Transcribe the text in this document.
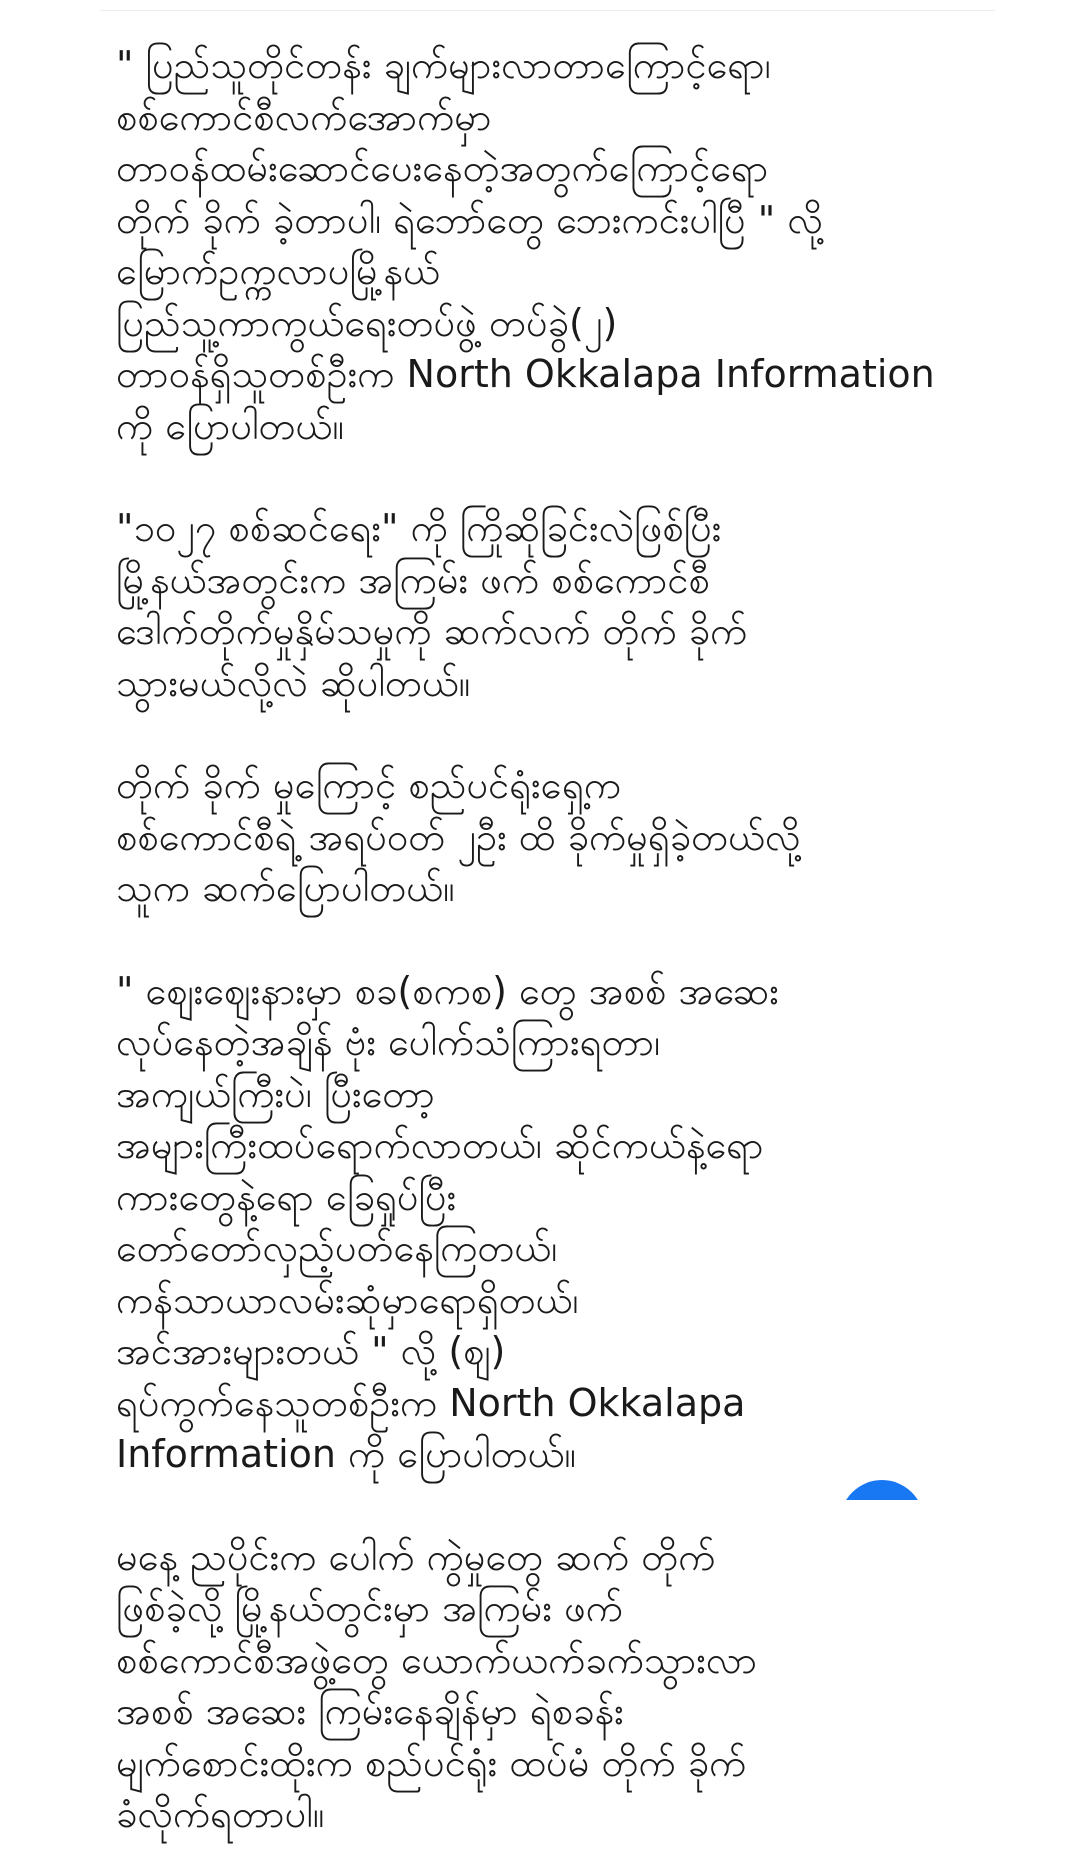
" ပြည်သူတိုင်တန်း ချက်များလာတာကြောင့်ရော၊
စစ်ကောင်စီလက်အောက်မှာ
တာဝန်ထမ်းဆောင်ပေးနေတဲ့အတွက်ကြောင့်ရော
တိုက် ခိုက် ခဲ့တာပါ၊ ရဲဘော်တွေ ဘေးကင်းပါပြီ " လို့
မြောက်ဥက္ကလာပမြို့နယ်
ပြည်သူ့ကာကွယ်ရေးတပ်ဖွဲ့ တပ်ခွဲ(၂)
တာဝန်ရှိသူတစ်ဦးက North Okkalapa Information
ကို ပြောပါတယ်။

"၁၀၂၇ စစ်ဆင်ရေး" ကို ကြိုဆိုခြင်းလဲဖြစ်ပြီး
မြို့နယ်အတွင်းက အကြမ်း ဖက် စစ်ကောင်စီ
ဒေါက်တိုက်မှုနှိမ်သမှုကို ဆက်လက် တိုက် ခိုက်
သွားမယ်လို့လဲ ဆိုပါတယ်။

တိုက် ခိုက် မှုကြောင့် စည်ပင်ရုံးရှေ့က
စစ်ကောင်စီရဲ့ အရပ်ဝတ် ၂ဦး ထိ ခိုက်မှုရှိခဲ့တယ်လို့
သူက ဆက်ပြောပါတယ်။

" စျေးဈေးနားမှာ စခ(စကစ) တွေ အစစ် အဆေး
လုပ်နေတဲ့အချိန် ဗုံး ပေါက်သံကြားရတာ၊
အကျယ်ကြီးပဲ၊ ပြီးတော့
အများကြီးထပ်ရောက်လာတယ်၊ ဆိုင်ကယ်နဲ့ရော
ကားတွေနဲ့ရော ခြေရှုပ်ပြီး
တော်တော်လှည့်ပတ်နေကြတယ်၊
ကန်သာယာလမ်းဆုံမှာရောရှိတယ်၊
အင်အားများတယ် " လို့ (စျ)
ရပ်ကွက်နေသူတစ်ဦးက North Okkalapa
Information ကို ပြောပါတယ်။

မနေ့ ညပိုင်းက ပေါက် ကွဲမှုတွေ ဆက် တိုက်
ဖြစ်ခဲ့လို့ မြို့နယ်တွင်းမှာ အကြမ်း ဖက်
စစ်ကောင်စီအဖွဲ့တွေ ယောက်ယက်ခက်သွားလာ
အစစ် အဆေး ကြမ်းနေချိန်မှာ ရဲစခန်း
မျက်စောင်းထိုးက စည်ပင်ရုံး ထပ်မံ တိုက် ခိုက်
ခံလိုက်ရတာပါ။
